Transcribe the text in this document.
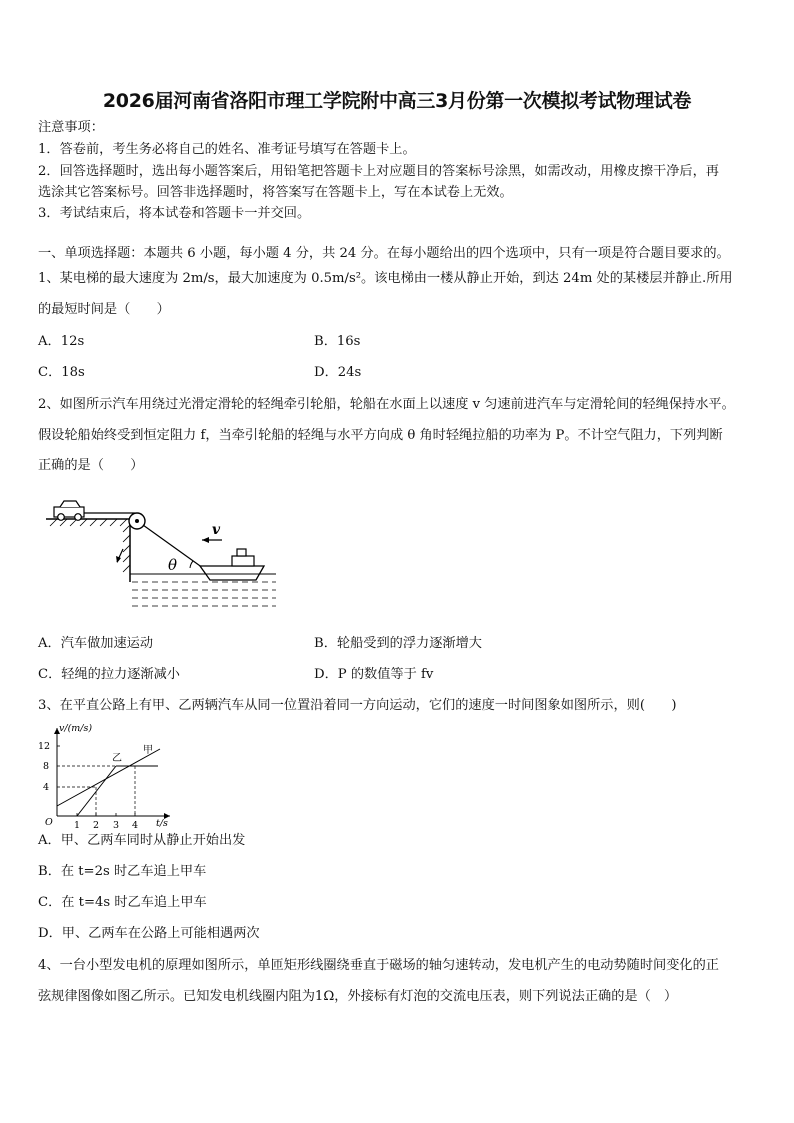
2026届河南省洛阳市理工学院附中高三3月份第一次模拟考试物理试卷
注意事项：
1．答卷前，考生务必将自己的姓名、准考证号填写在答题卡上。
2．回答选择题时，选出每小题答案后，用铅笔把答题卡上对应题目的答案标号涂黑，如需改动，用橡皮擦干净后，再
选涂其它答案标号。回答非选择题时，将答案写在答题卡上，写在本试卷上无效。
3．考试结束后，将本试卷和答题卡一并交回。
一、单项选择题：本题共 6 小题，每小题 4 分，共 24 分。在每小题给出的四个选项中，只有一项是符合题目要求的。
1、某电梯的最大速度为 2m/s，最大加速度为 0.5m/s²。该电梯由一楼从静止开始，到达 24m 处的某楼层并静止.所用
的最短时间是（　　）
A．12s	B．16s
C．18s	D．24s
2、如图所示汽车用绕过光滑定滑轮的轻绳牵引轮船，轮船在水面上以速度 v 匀速前进汽车与定滑轮间的轻绳保持水平。
假设轮船始终受到恒定阻力 f，当牵引轮船的轻绳与水平方向成 θ 角时轻绳拉船的功率为 P。不计空气阻力，下列判断
正确的是（　　）
θ
v
A．汽车做加速运动	B．轮船受到的浮力逐渐增大
C．轻绳的拉力逐渐减小	D．P 的数值等于 fv
3、在平直公路上有甲、乙两辆汽车从同一位置沿着同一方向运动，它们的速度一时间图象如图所示，则(　　)
v/(m/s)
t/s
O
12
8
4
1 2 3 4
乙
甲
A．甲、乙两车同时从静止开始出发
B．在 t=2s 时乙车追上甲车
C．在 t=4s 时乙车追上甲车
D．甲、乙两车在公路上可能相遇两次
4、一台小型发电机的原理如图所示，单匝矩形线圈绕垂直于磁场的轴匀速转动，发电机产生的电动势随时间变化的正
弦规律图像如图乙所示。已知发电机线圈内阻为1Ω，外接标有灯泡的交流电压表，则下列说法正确的是（　）
